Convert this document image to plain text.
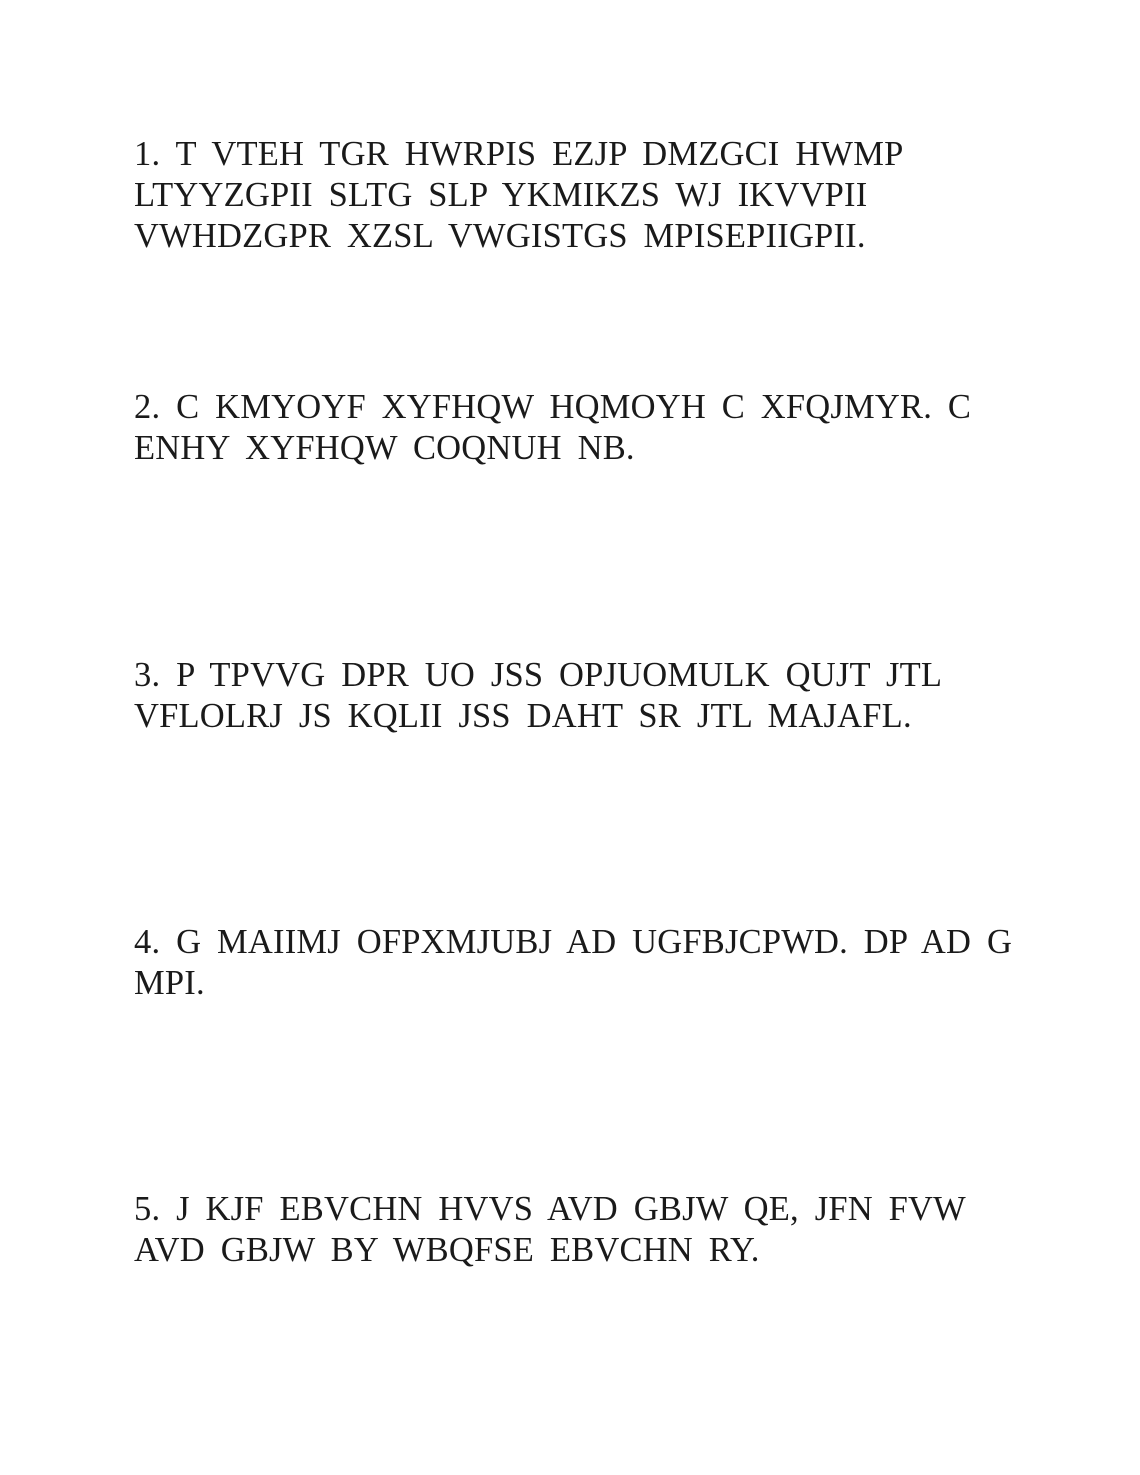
1. T VTEH TGR HWRPIS EZJP DMZGCI HWMP
LTYYZGPII SLTG SLP YKMIKZS WJ IKVVPII
VWHDZGPR XZSL VWGISTGS MPISEPIIGPII.

2. C KMYOYF XYFHQW HQMOYH C XFQJMYR. C
ENHY XYFHQW COQNUH NB.

3. P TPVVG DPR UO JSS OPJUOMULK QUJT JTL
VFLOLRJ JS KQLII JSS DAHT SR JTL MAJAFL.

4. G MAIIMJ OFPXMJUBJ AD UGFBJCPWD. DP AD G
MPI.

5. J KJF EBVCHN HVVS AVD GBJW QE, JFN FVW
AVD GBJW BY WBQFSE EBVCHN RY.
